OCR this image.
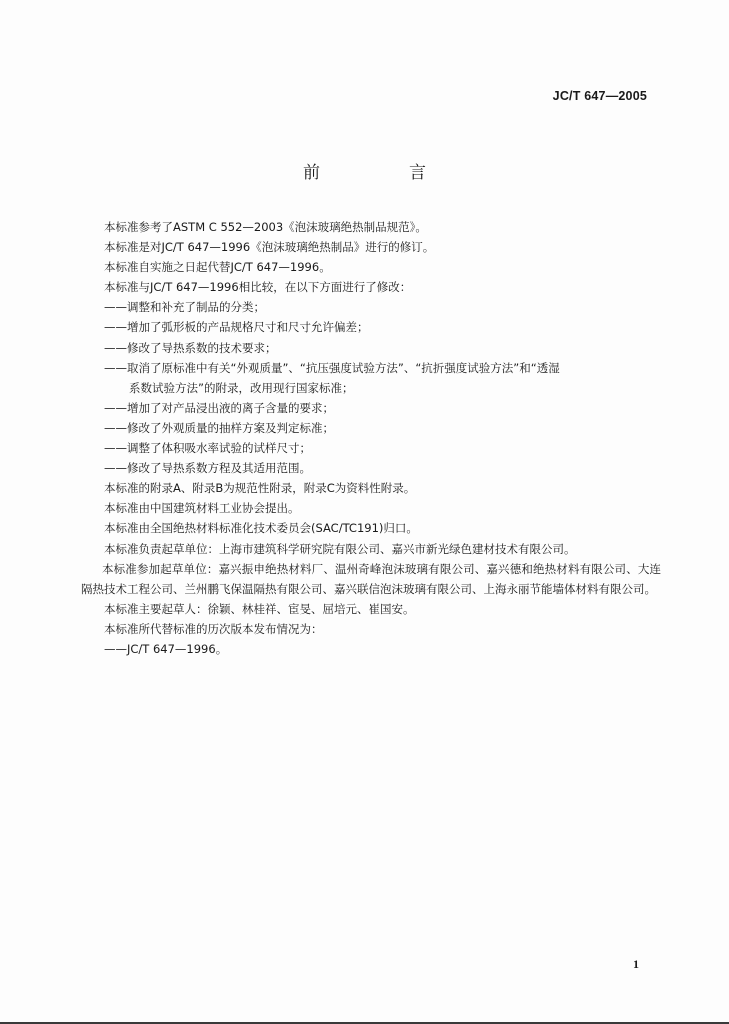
JC/T 647—2005
前　言

本标准参考了ASTM C 552—2003《泡沫玻璃绝热制品规范》。

本标准是对JC/T 647—1996《泡沫玻璃绝热制品》进行的修订。

本标准自实施之日起代替JC/T 647—1996。

本标准与JC/T 647—1996相比较，在以下方面进行了修改：

——调整和补充了制品的分类；

——增加了弧形板的产品规格尺寸和尺寸允许偏差；

——修改了导热系数的技术要求；

——取消了原标准中有关“外观质量”、“抗压强度试验方法”、“抗折强度试验方法”和“透湿

系数试验方法”的附录，改用现行国家标准；

——增加了对产品浸出液的离子含量的要求；

——修改了外观质量的抽样方案及判定标准；

——调整了体积吸水率试验的试样尺寸；

——修改了导热系数方程及其适用范围。

本标准的附录A、附录B为规范性附录，附录C为资料性附录。

本标准由中国建筑材料工业协会提出。

本标准由全国绝热材料标准化技术委员会(SAC/TC191)归口。

本标准负责起草单位：上海市建筑科学研究院有限公司、嘉兴市新光绿色建材技术有限公司。

本标准参加起草单位：嘉兴振申绝热材料厂、温州奇峰泡沫玻璃有限公司、嘉兴德和绝热材料有限公司、大连隔热技术工程公司、兰州鹏飞保温隔热有限公司、嘉兴联信泡沫玻璃有限公司、上海永丽节能墙体材料有限公司。

本标准主要起草人：徐颖、林桂祥、宦旻、屈培元、崔国安。

本标准所代替标准的历次版本发布情况为：

——JC/T 647—1996。

1
